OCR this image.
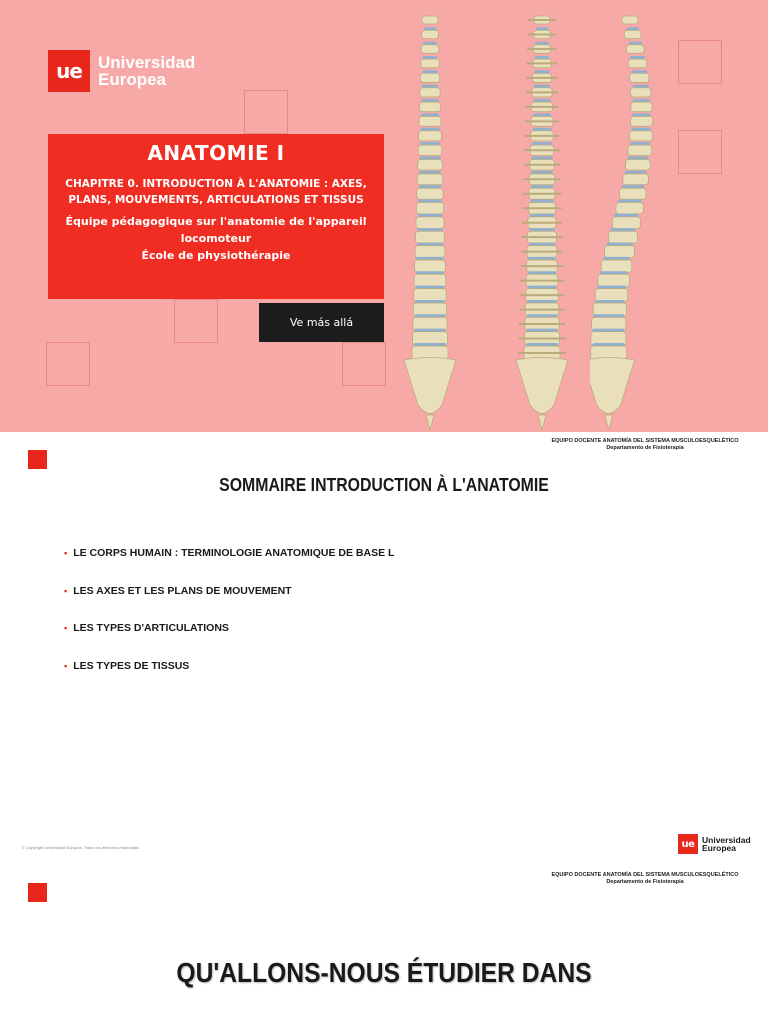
ue Universidad
Europea
ANATOMIE I
CHAPITRE 0. INTRODUCTION À L'ANATOMIE : AXES, PLANS, MOUVEMENTS, ARTICULATIONS ET TISSUS
Équipe pédagogique sur l'anatomie de l'appareil
locomoteur
École de physiothérapie
Ve más allá
EQUIPO DOCENTE ANATOMÍA DEL SISTEMA MUSCULOESQUELÉTICO
Departamento de Fisioterapia
SOMMAIRE INTRODUCTION À L'ANATOMIE
▪ LE CORPS HUMAIN : TERMINOLOGIE ANATOMIQUE DE BASE L
▪ LES AXES ET LES PLANS DE MOUVEMENT
▪ LES TYPES D'ARTICULATIONS
▪ LES TYPES DE TISSUS
© Copyright Universidad Europea. Todos los derechos reservados	ue Universidad
Europea
EQUIPO DOCENTE ANATOMÍA DEL SISTEMA MUSCULOESQUELÉTICO
Departamento de Fisioterapia
QU'ALLONS-NOUS ÉTUDIER DANS
